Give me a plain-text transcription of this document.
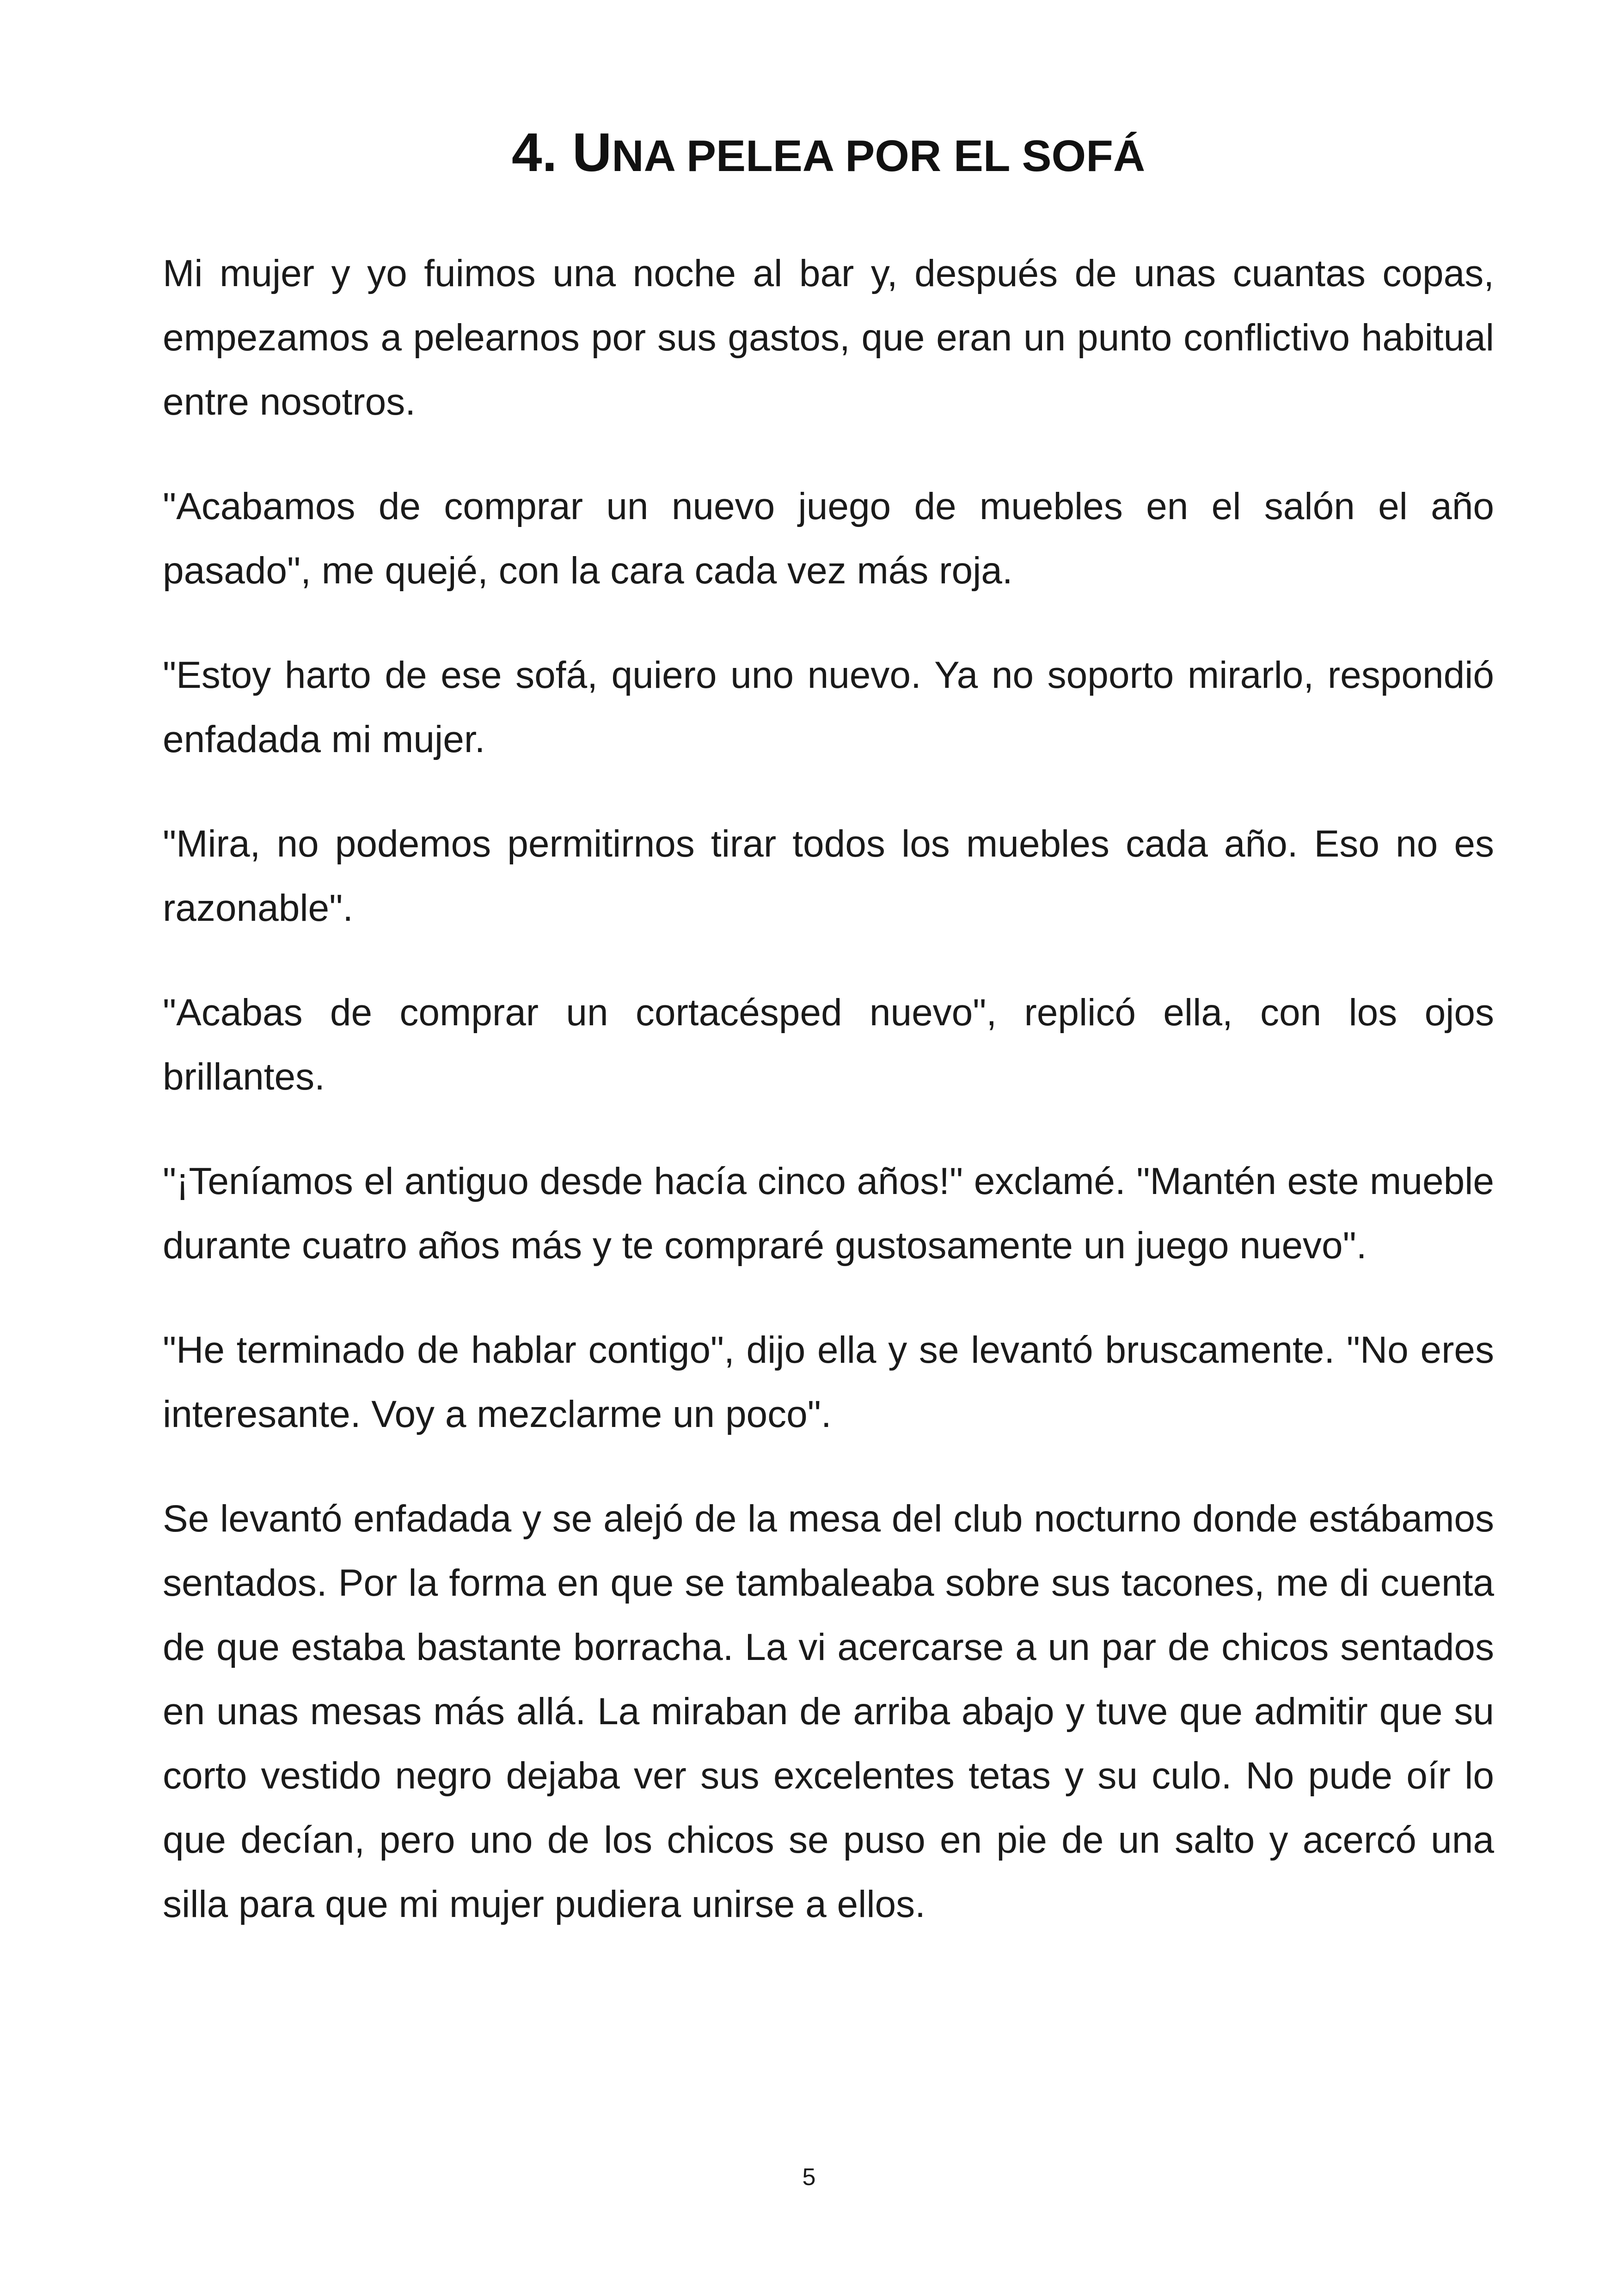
4. UNA PELEA POR EL SOFÁ

Mi mujer y yo fuimos una noche al bar y, después de unas cuantas copas, empezamos a pelearnos por sus gastos, que eran un punto conflictivo habitual entre nosotros.

"Acabamos de comprar un nuevo juego de muebles en el salón el año pasado", me quejé, con la cara cada vez más roja.

"Estoy harto de ese sofá, quiero uno nuevo. Ya no soporto mirarlo, respondió enfadada mi mujer.

"Mira, no podemos permitirnos tirar todos los muebles cada año. Eso no es razonable".

"Acabas de comprar un cortacésped nuevo", replicó ella, con los ojos brillantes.

"¡Teníamos el antiguo desde hacía cinco años!" exclamé. "Mantén este mueble durante cuatro años más y te compraré gustosamente un juego nuevo".

"He terminado de hablar contigo", dijo ella y se levantó bruscamente. "No eres interesante. Voy a mezclarme un poco".

Se levantó enfadada y se alejó de la mesa del club nocturno donde estábamos sentados. Por la forma en que se tambaleaba sobre sus tacones, me di cuenta de que estaba bastante borracha. La vi acercarse a un par de chicos sentados en unas mesas más allá. La miraban de arriba abajo y tuve que admitir que su corto vestido negro dejaba ver sus excelentes tetas y su culo. No pude oír lo que decían, pero uno de los chicos se puso en pie de un salto y acercó una silla para que mi mujer pudiera unirse a ellos.

5
